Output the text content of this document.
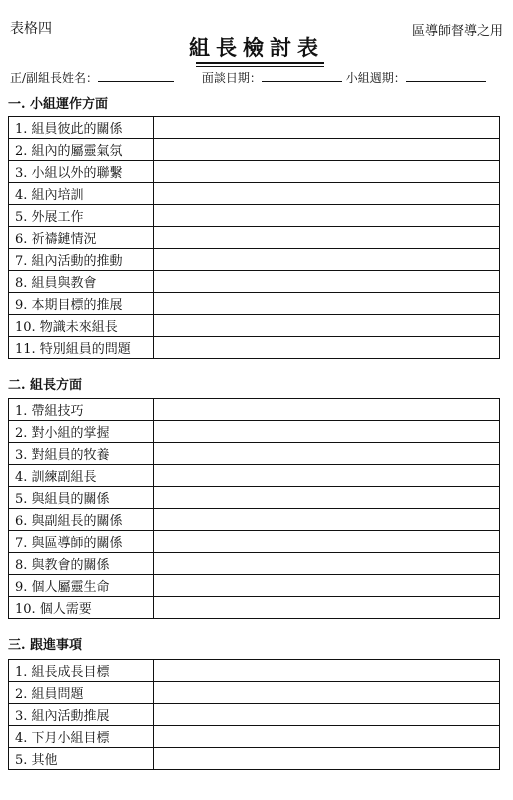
表格四	區導師督導之用
組長檢討表
正/副組長姓名：	面談日期：	小組週期：
一. 小組運作方面
1. 組員彼此的關係	
2. 組內的屬靈氣氛	
3. 小組以外的聯繫	
4. 組內培訓	
5. 外展工作	
6. 祈禱鏈情況	
7. 組內活動的推動	
8. 組員與教會	
9. 本期目標的推展	
10. 物識未來組長	
11. 特別組員的問題	
二. 組長方面
1. 帶組技巧	
2. 對小組的掌握	
3. 對組員的牧養	
4. 訓練副組長	
5. 與組員的關係	
6. 與副組長的關係	
7. 與區導師的關係	
8. 與教會的關係	
9. 個人屬靈生命	
10. 個人需要	
三. 跟進事項
1. 組長成長目標	
2. 組員問題	
3. 組內活動推展	
4. 下月小組目標	
5. 其他	
